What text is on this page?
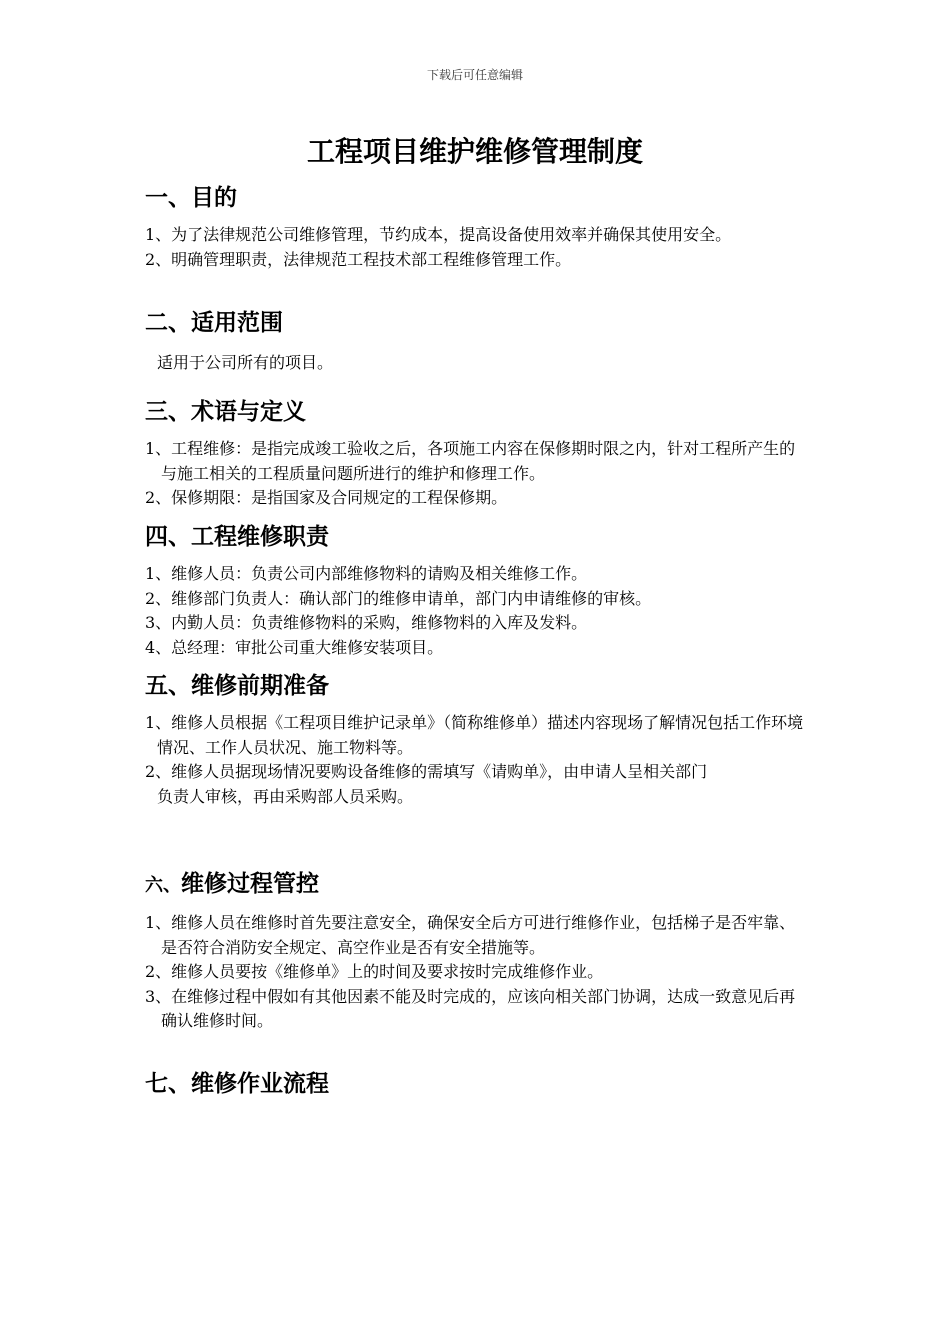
下载后可任意编辑
工程项目维护维修管理制度
一、目的

1、为了法律规范公司维修管理，节约成本，提高设备使用效率并确保其使用安全。

2、明确管理职责，法律规范工程技术部工程维修管理工作。

二、适用范围

适用于公司所有的项目。

三、术语与定义

1、工程维修：是指完成竣工验收之后，各项施工内容在保修期时限之内，针对工程所产生的与施工相关的工程质量问题所进行的维护和修理工作。

2、保修期限：是指国家及合同规定的工程保修期。

四、工程维修职责

1、维修人员：负责公司内部维修物料的请购及相关维修工作。

2、维修部门负责人：确认部门的维修申请单，部门内申请维修的审核。

3、内勤人员：负责维修物料的采购，维修物料的入库及发料。

4、总经理：审批公司重大维修安装项目。

五、维修前期准备

1、维修人员根据《工程项目维护记录单》（简称维修单）描述内容现场了解情况包括工作环境

情况、工作人员状况、施工物料等。

2、维修人员据现场情况要购设备维修的需填写《请购单》，由申请人呈相关部门

负责人审核，再由采购部人员采购。

六、维修过程管控

1、维修人员在维修时首先要注意安全，确保安全后方可进行维修作业，包括梯子是否牢靠、是否符合消防安全规定、高空作业是否有安全措施等。

2、维修人员要按《维修单》上的时间及要求按时完成维修作业。

3、在维修过程中假如有其他因素不能及时完成的，应该向相关部门协调，达成一致意见后再确认维修时间。

七、维修作业流程
